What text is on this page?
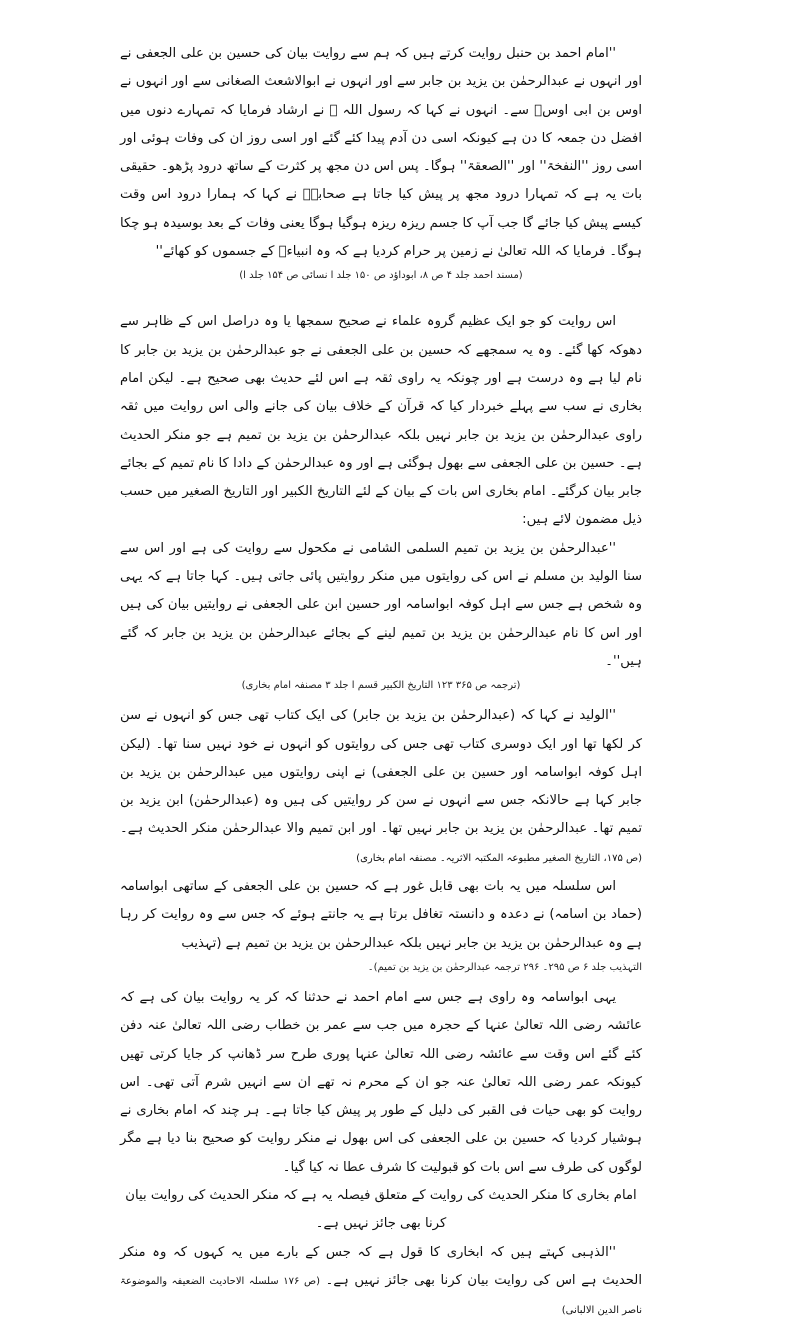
''امام احمد بن حنبل روایت کرتے ہیں کہ ہم سے روایت بیان کی حسین بن علی الجعفی نے اور انہوں نے عبدالرحمٰن بن یزید بن جابر سے اور انہوں نے ابوالاشعث الصغانی سے اور انہوں نے اوس بن ابی اوسؓ سے۔ انہوں نے کہا کہ رسول اللہ ﷺ نے ارشاد فرمایا کہ تمہارے دنوں میں افضل دن جمعہ کا دن ہے کیونکہ اسی دن آدم پیدا کئے گئے اور اسی روز ان کی وفات ہوئی اور اسی روز ''النفخۃ'' اور ''الصعقۃ'' ہوگا۔ پس اس دن مجھ پر کثرت کے ساتھ درود پڑھو۔ حقیقی بات یہ ہے کہ تمہارا درود مجھ پر پیش کیا جاتا ہے صحابہؓ نے کہا کہ ہمارا درود اس وقت کیسے پیش کیا جائے گا جب آپ کا جسم ریزہ ریزہ ہوگیا ہوگا یعنی وفات کے بعد بوسیدہ ہو چکا ہوگا۔ فرمایا کہ اللہ تعالیٰ نے زمین پر حرام کردیا ہے کہ وہ انبیاءؑ کے جسموں کو کھائے''

(مسند احمد جلد ۴ ص ۸، ابوداؤد ص ۱۵۰ جلد ا نسائی ص ۱۵۴ جلد ا)

اس روایت کو جو ایک عظیم گروہ علماء نے صحیح سمجھا یا وہ دراصل اس کے ظاہر سے دھوکہ کھا گئے۔ وہ یہ سمجھے کہ حسین بن علی الجعفی نے جو عبدالرحمٰن بن یزید بن جابر کا نام لیا ہے وہ درست ہے اور چونکہ یہ راوی ثقہ ہے اس لئے حدیث بھی صحیح ہے۔ لیکن امام بخاری نے سب سے پہلے خبردار کیا کہ قرآن کے خلاف بیان کی جانے والی اس روایت میں ثقہ راوی عبدالرحمٰن بن یزید بن جابر نہیں بلکہ عبدالرحمٰن بن یزید بن تمیم ہے جو منکر الحدیث ہے۔ حسین بن علی الجعفی سے بھول ہوگئی ہے اور وہ عبدالرحمٰن کے دادا کا نام تمیم کے بجائے جابر بیان کرگئے۔ امام بخاری اس بات کے بیان کے لئے التاریخ الکبیر اور التاریخ الصغیر میں حسب ذیل مضمون لائے ہیں:

''عبدالرحمٰن بن یزید بن تمیم السلمی الشامی نے مکحول سے روایت کی ہے اور اس سے سنا الولید بن مسلم نے اس کی روایتوں میں منکر روایتیں پائی جاتی ہیں۔ کہا جاتا ہے کہ یہی وہ شخص ہے جس سے اہل کوفہ ابواسامہ اور حسین ابن علی الجعفی نے روایتیں بیان کی ہیں اور اس کا نام عبدالرحمٰن بن یزید بن تمیم لینے کے بجائے عبدالرحمٰن بن یزید بن جابر کہ گئے ہیں''۔

(ترجمہ ص ۳۶۵ ۱۲۳ التاریخ الکبیر قسم ا جلد ۳ مصنفہ امام بخاری)

''الولید نے کہا کہ (عبدالرحمٰن بن یزید بن جابر) کی ایک کتاب تھی جس کو انہوں نے سن کر لکھا تھا اور ایک دوسری کتاب تھی جس کی روایتوں کو انہوں نے خود نہیں سنا تھا۔ (لیکن اہل کوفہ ابواسامہ اور حسین بن علی الجعفی) نے اپنی روایتوں میں عبدالرحمٰن بن یزید بن جابر کہا ہے حالانکہ جس سے انہوں نے سن کر روایتیں کی ہیں وہ (عبدالرحمٰن) ابن یزید بن تمیم تھا۔ عبدالرحمٰن بن یزید بن جابر نہیں تھا۔ اور ابن تمیم والا عبدالرحمٰن منکر الحدیث ہے۔ (ص ۱۷۵، التاریخ الصغیر مطبوعہ المکتبہ الاثریہ۔ مصنفہ امام بخاری)

اس سلسلہ میں یہ بات بھی قابل غور ہے کہ حسین بن علی الجعفی کے ساتھی ابواسامہ (حماد بن اسامہ) نے دعدہ و دانستہ تغافل برتا ہے یہ جانتے ہوئے کہ جس سے وہ روایت کر رہا ہے وہ عبدالرحمٰن بن یزید بن جابر نہیں بلکہ عبدالرحمٰن بن یزید بن تمیم ہے (تہذیب

التہذیب جلد ۶ ص ۲۹۵۔ ۲۹۶ ترجمہ عبدالرحمٰن بن یزید بن تمیم)۔

یہی ابواسامہ وہ راوی ہے جس سے امام احمد نے حدثنا کہ کر یہ روایت بیان کی ہے کہ عائشہ رضی اللہ تعالیٰ عنہا کے حجرہ میں جب سے عمر بن خطاب رضی اللہ تعالیٰ عنہ دفن کئے گئے اس وقت سے عائشہ رضی اللہ تعالیٰ عنہا پوری طرح سر ڈھانپ کر جایا کرتی تھیں کیونکہ عمر رضی اللہ تعالیٰ عنہ جو ان کے محرم نہ تھے ان سے انہیں شرم آتی تھی۔ اس روایت کو بھی حیات فی القبر کی دلیل کے طور پر پیش کیا جاتا ہے۔ ہر چند کہ امام بخاری نے ہوشیار کردیا کہ حسین بن علی الجعفی کی اس بھول نے منکر روایت کو صحیح بنا دیا ہے مگر لوگوں کی طرف سے اس بات کو قبولیت کا شرف عطا نہ کیا گیا۔

امام بخاری کا منکر الحدیث کی روایت کے متعلق فیصلہ یہ ہے کہ منکر الحدیث کی روایت بیان کرنا بھی جائز نہیں ہے۔

''الذہبی کہتے ہیں کہ ابخاری کا قول ہے کہ جس کے بارے میں یہ کہوں کہ وہ منکر الحدیث ہے اس کی روایت بیان کرنا بھی جائز نہیں ہے۔ (ص ۱۷۶ سلسلہ الاحادیث الضعیفہ والموضوعۃ ناصر الدین الالبانی)
